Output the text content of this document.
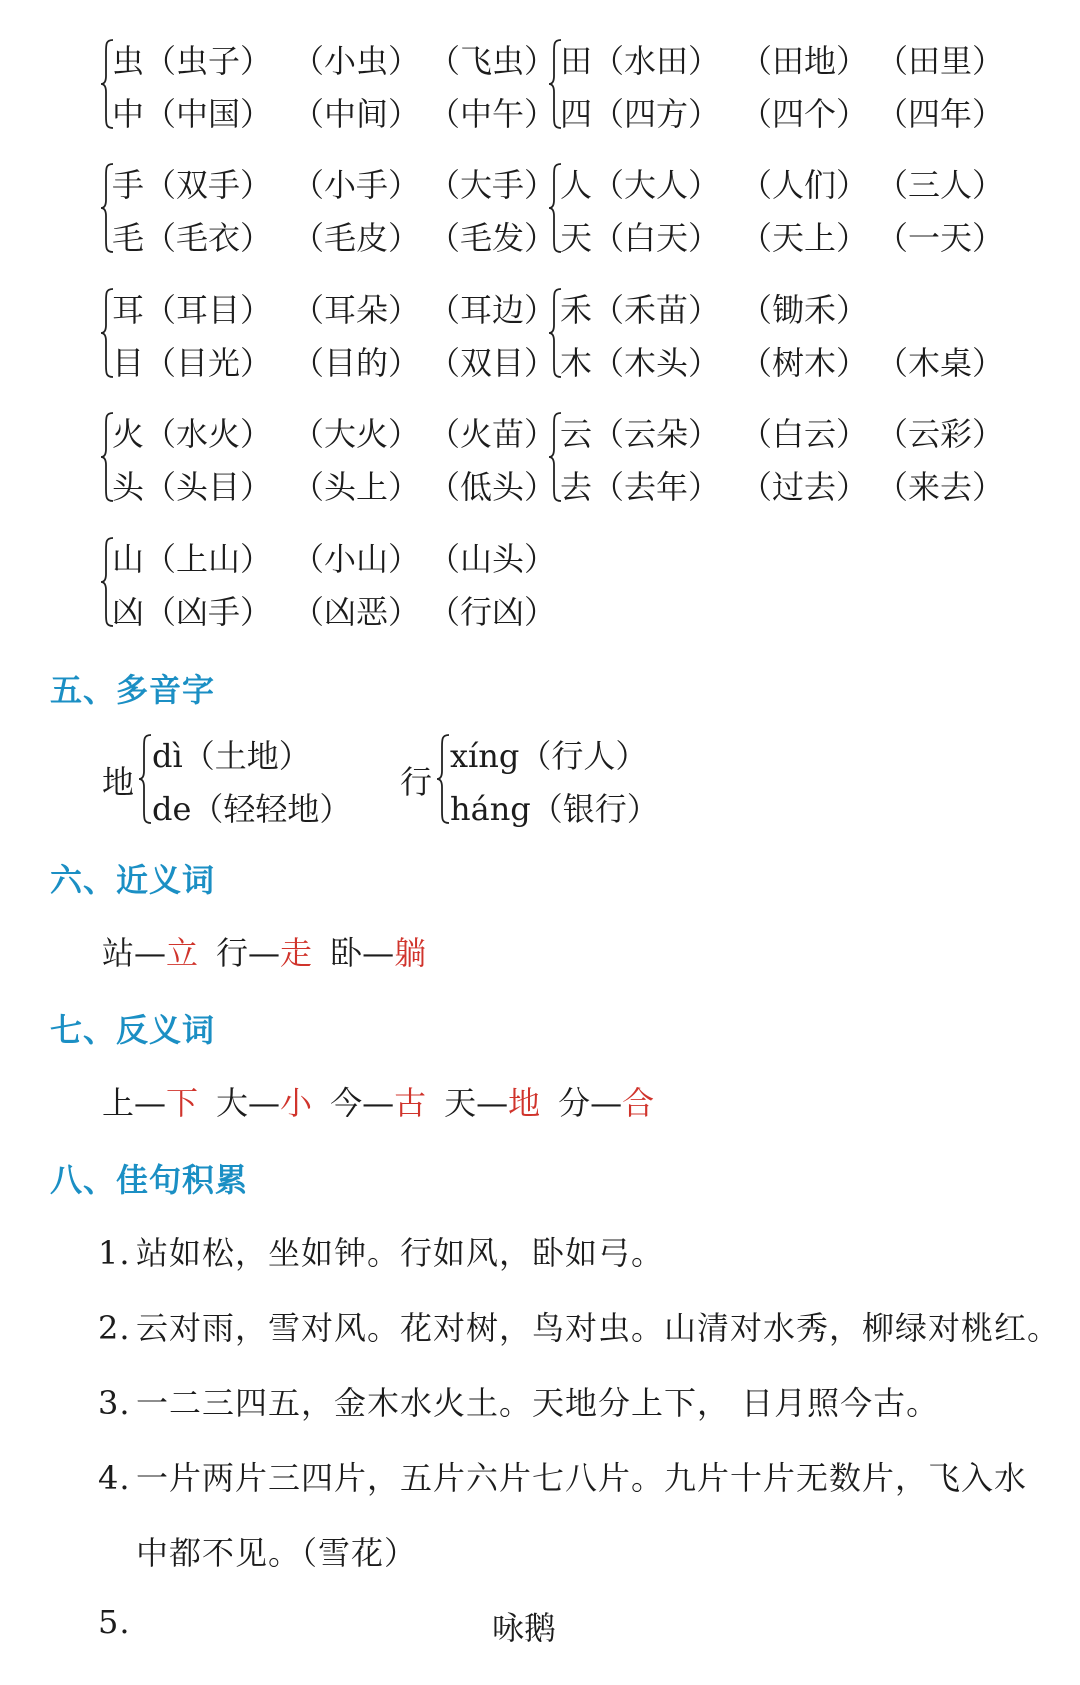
虫（虫子） （小虫） （飞虫）
中（中国） （中间） （中午）
田（水田） （田地） （田里）
四（四方） （四个） （四年）
手（双手） （小手） （大手）
毛（毛衣） （毛皮） （毛发）
人（大人） （人们） （三人）
天（白天） （天上） （一天）
耳（耳目） （耳朵） （耳边）
目（目光） （目的） （双目）
禾（禾苗） （锄禾）
木（木头） （树木） （木桌）
火（水火） （大火） （火苗）
头（头目） （头上） （低头）
云（云朵） （白云） （云彩）
去（去年） （过去） （来去）
山（上山） （小山） （山头）
凶（凶手） （凶恶） （行凶）
五、多音字
地
dì（土地）
de（轻轻地）
行
xíng（行人）
háng（银行）
六、近义词
站—立 行—走 卧—躺
七、反义词
上—下 大—小 今—古 天—地 分—合
八、佳句积累
1. 站如松，坐如钟。行如风，卧如弓。
2. 云对雨，雪对风。花对树，鸟对虫。山清对水秀，柳绿对桃红。
3. 一二三四五，金木水火土。天地分上下， 日月照今古。
4. 一片两片三四片，五片六片七八片。九片十片无数片，飞入水
中都不见。（雪花）
5.	咏鹅
